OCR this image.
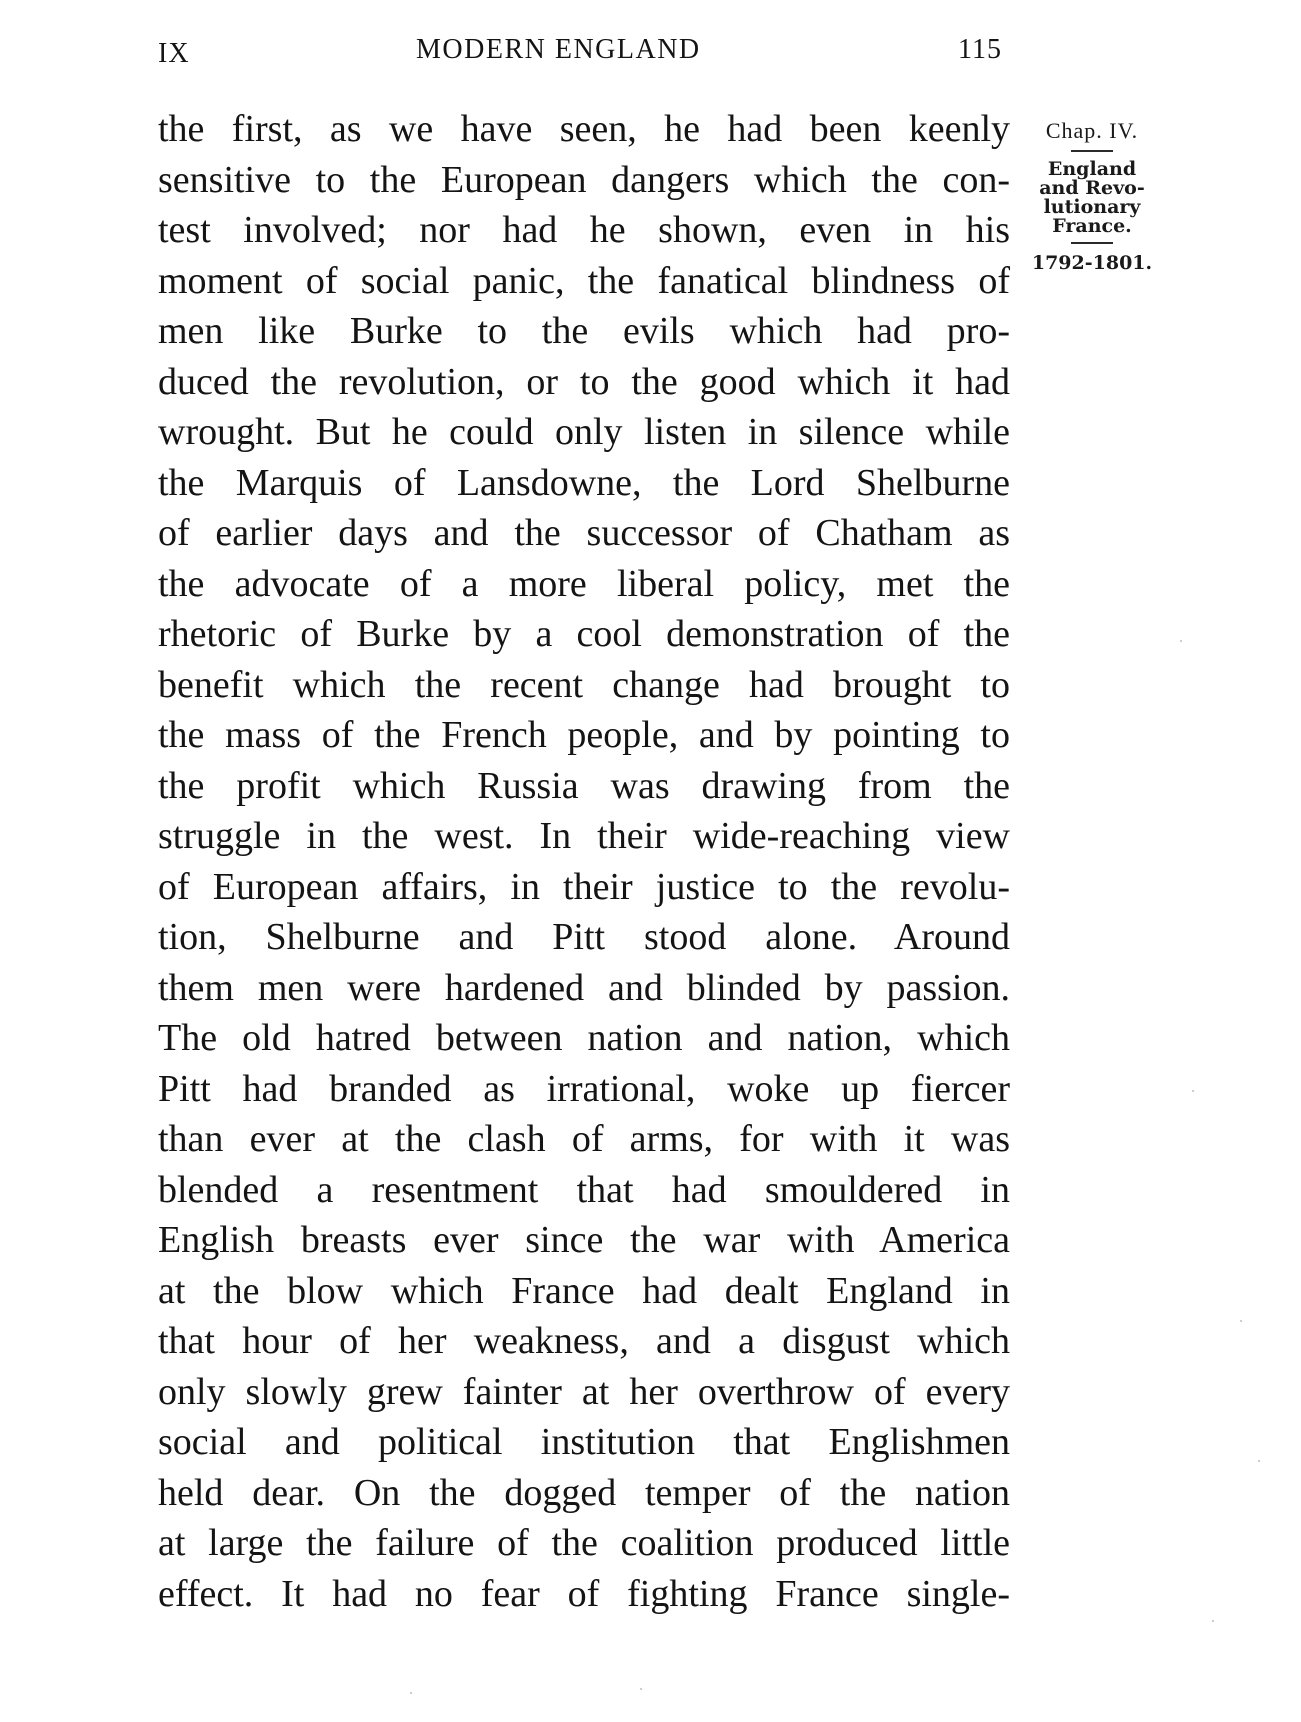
IX	MODERN ENGLAND	115
the first, as we have seen, he had been keenly
sensitive to the European dangers which the con-
test involved; nor had he shown, even in his
moment of social panic, the fanatical blindness of
men like Burke to the evils which had pro-
duced the revolution, or to the good which it had
wrought. But he could only listen in silence while
the Marquis of Lansdowne, the Lord Shelburne
of earlier days and the successor of Chatham as
the advocate of a more liberal policy, met the
rhetoric of Burke by a cool demonstration of the
benefit which the recent change had brought to
the mass of the French people, and by pointing to
the profit which Russia was drawing from the
struggle in the west. In their wide-reaching view
of European affairs, in their justice to the revolu-
tion, Shelburne and Pitt stood alone. Around
them men were hardened and blinded by passion.
The old hatred between nation and nation, which
Pitt had branded as irrational, woke up fiercer
than ever at the clash of arms, for with it was
blended a resentment that had smouldered in
English breasts ever since the war with America
at the blow which France had dealt England in
that hour of her weakness, and a disgust which
only slowly grew fainter at her overthrow of every
social and political institution that Englishmen
held dear. On the dogged temper of the nation
at large the failure of the coalition produced little
effect. It had no fear of fighting France single-
Chap. IV.
England
and Revo-
lutionary
France.
1792-1801.
